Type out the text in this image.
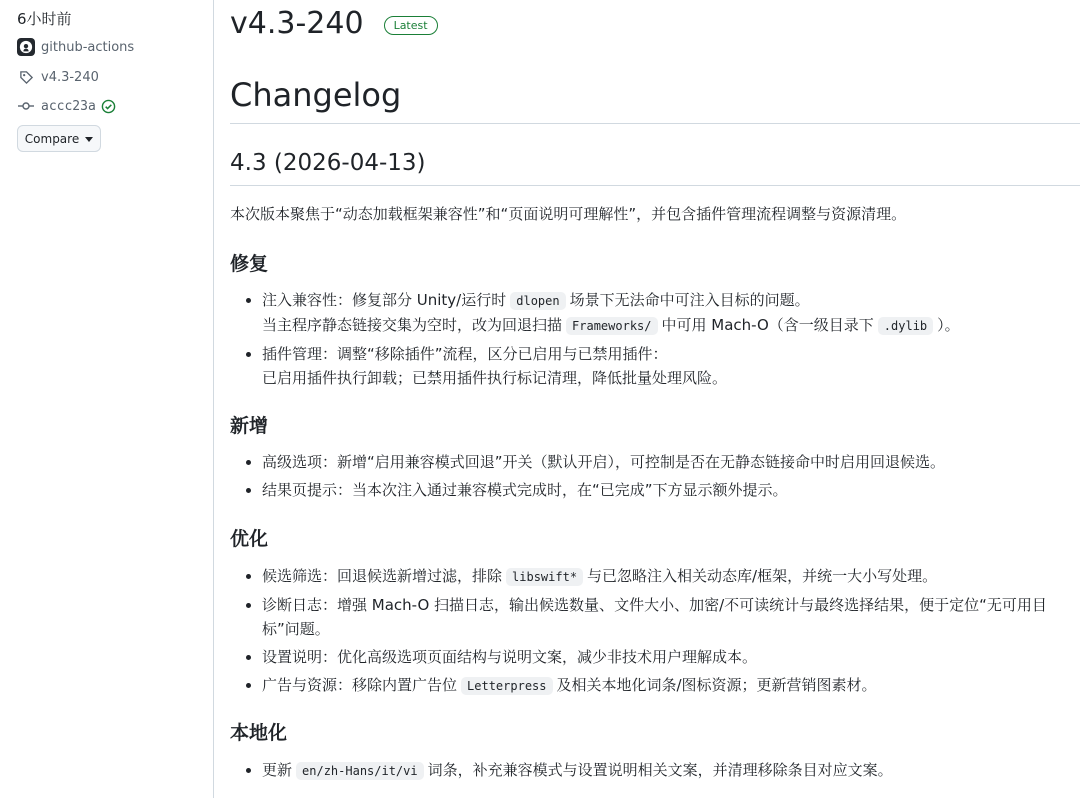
6小时前
github-actions
v4.3-240
accc23a
Compare
v4.3-240	Latest
Changelog
4.3 (2026-04-13)
本次版本聚焦于“动态加载框架兼容性”和“页面说明可理解性”，并包含插件管理流程调整与资源清理。
修复
注入兼容性：修复部分 Unity/运行时 dlopen 场景下无法命中可注入目标的问题。
当主程序静态链接交集为空时，改为回退扫描 Frameworks/ 中可用 Mach-O（含一级目录下 .dylib ）。
插件管理：调整“移除插件”流程，区分已启用与已禁用插件：
已启用插件执行卸载；已禁用插件执行标记清理，降低批量处理风险。
新增
高级选项：新增“启用兼容模式回退”开关（默认开启），可控制是否在无静态链接命中时启用回退候选。
结果页提示：当本次注入通过兼容模式完成时，在“已完成”下方显示额外提示。
优化
候选筛选：回退候选新增过滤，排除 libswift* 与已忽略注入相关动态库/框架，并统一大小写处理。
诊断日志：增强 Mach-O 扫描日志，输出候选数量、文件大小、加密/不可读统计与最终选择结果，便于定位“无可用目标”问题。
设置说明：优化高级选项页面结构与说明文案，减少非技术用户理解成本。
广告与资源：移除内置广告位 Letterpress 及相关本地化词条/图标资源；更新营销图素材。
本地化
更新 en/zh-Hans/it/vi 词条，补充兼容模式与设置说明相关文案，并清理移除条目对应文案。
